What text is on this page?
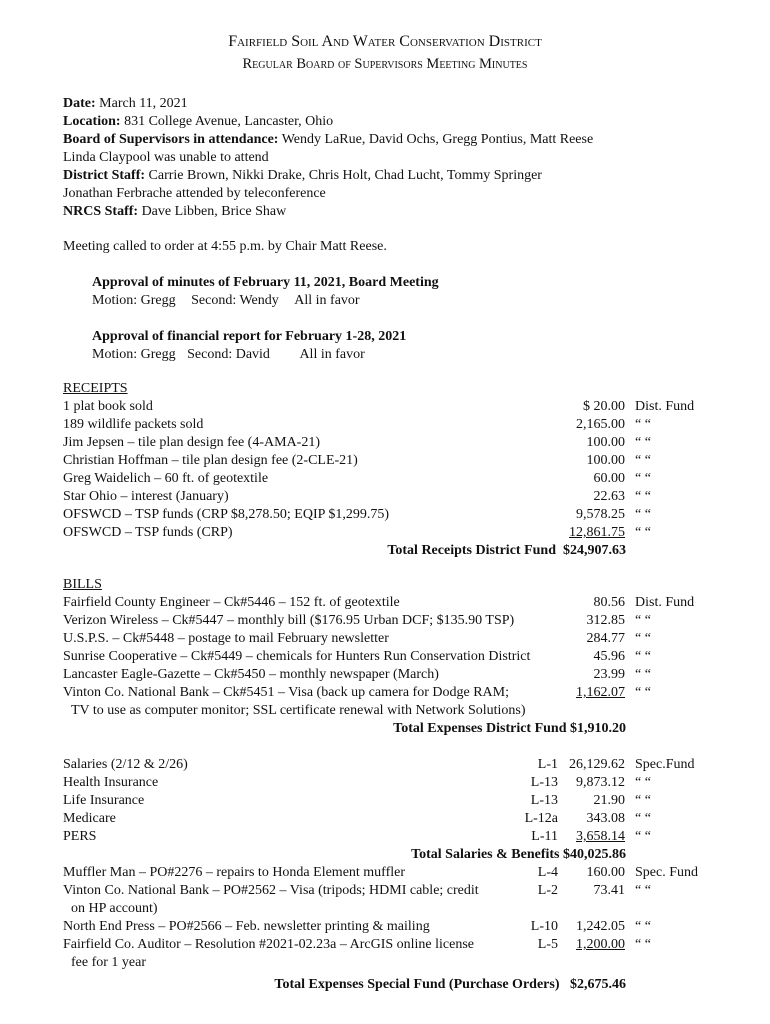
Fairfield Soil And Water Conservation District
Regular Board of Supervisors Meeting Minutes
Date: March 11, 2021
Location: 831 College Avenue, Lancaster, Ohio
Board of Supervisors in attendance: Wendy LaRue, David Ochs, Gregg Pontius, Matt Reese
Linda Claypool was unable to attend
District Staff: Carrie Brown, Nikki Drake, Chris Holt, Chad Lucht, Tommy Springer
Jonathan Ferbrache attended by teleconference
NRCS Staff: Dave Libben, Brice Shaw
Meeting called to order at 4:55 p.m. by Chair Matt Reese.
Approval of minutes of February 11, 2021, Board Meeting
Motion: Gregg Second: Wendy All in favor
Approval of financial report for February 1-28, 2021
Motion: Gregg Second: David All in favor
RECEIPTS
1 plat book sold	$ 20.00 Dist. Fund
189 wildlife packets sold	2,165.00 “ “
Jim Jepsen – tile plan design fee (4-AMA-21)	100.00 “ “
Christian Hoffman – tile plan design fee (2-CLE-21)	100.00 “ “
Greg Waidelich – 60 ft. of geotextile	60.00 “ “
Star Ohio – interest (January)	22.63 “ “
OFSWCD – TSP funds (CRP $8,278.50; EQIP $1,299.75)	9,578.25 “ “
OFSWCD – TSP funds (CRP)	12,861.75 “ “
Total Receipts District Fund $24,907.63
BILLS
Fairfield County Engineer – Ck#5446 – 152 ft. of geotextile	80.56 Dist. Fund
Verizon Wireless – Ck#5447 – monthly bill ($176.95 Urban DCF; $135.90 TSP)	312.85 “ “
U.S.P.S. – Ck#5448 – postage to mail February newsletter	284.77 “ “
Sunrise Cooperative – Ck#5449 – chemicals for Hunters Run Conservation District	45.96 “ “
Lancaster Eagle-Gazette – Ck#5450 – monthly newspaper (March)	23.99 “ “
Vinton Co. National Bank – Ck#5451 – Visa (back up camera for Dodge RAM;	1,162.07 “ “
TV to use as computer monitor; SSL certificate renewal with Network Solutions)
Total Expenses District Fund $1,910.20
Salaries (2/12 & 2/26)	L-1 26,129.62 Spec.Fund
Health Insurance	L-13 9,873.12 “ “
Life Insurance	L-13	21.90 “ “
Medicare	L-12a 343.08 “ “
PERS	L-11 3,658.14 “ “
Total Salaries & Benefits $40,025.86
Muffler Man – PO#2276 – repairs to Honda Element muffler	L-4 160.00 Spec. Fund
Vinton Co. National Bank – PO#2562 – Visa (tripods; HDMI cable; credit	L-2	73.41 “ “
on HP account)
North End Press – PO#2566 – Feb. newsletter printing & mailing	L-10 1,242.05 “ “
Fairfield Co. Auditor – Resolution #2021-02.23a – ArcGIS online license	L-5 1,200.00 “ “
fee for 1 year
Total Expenses Special Fund (Purchase Orders) $2,675.46
